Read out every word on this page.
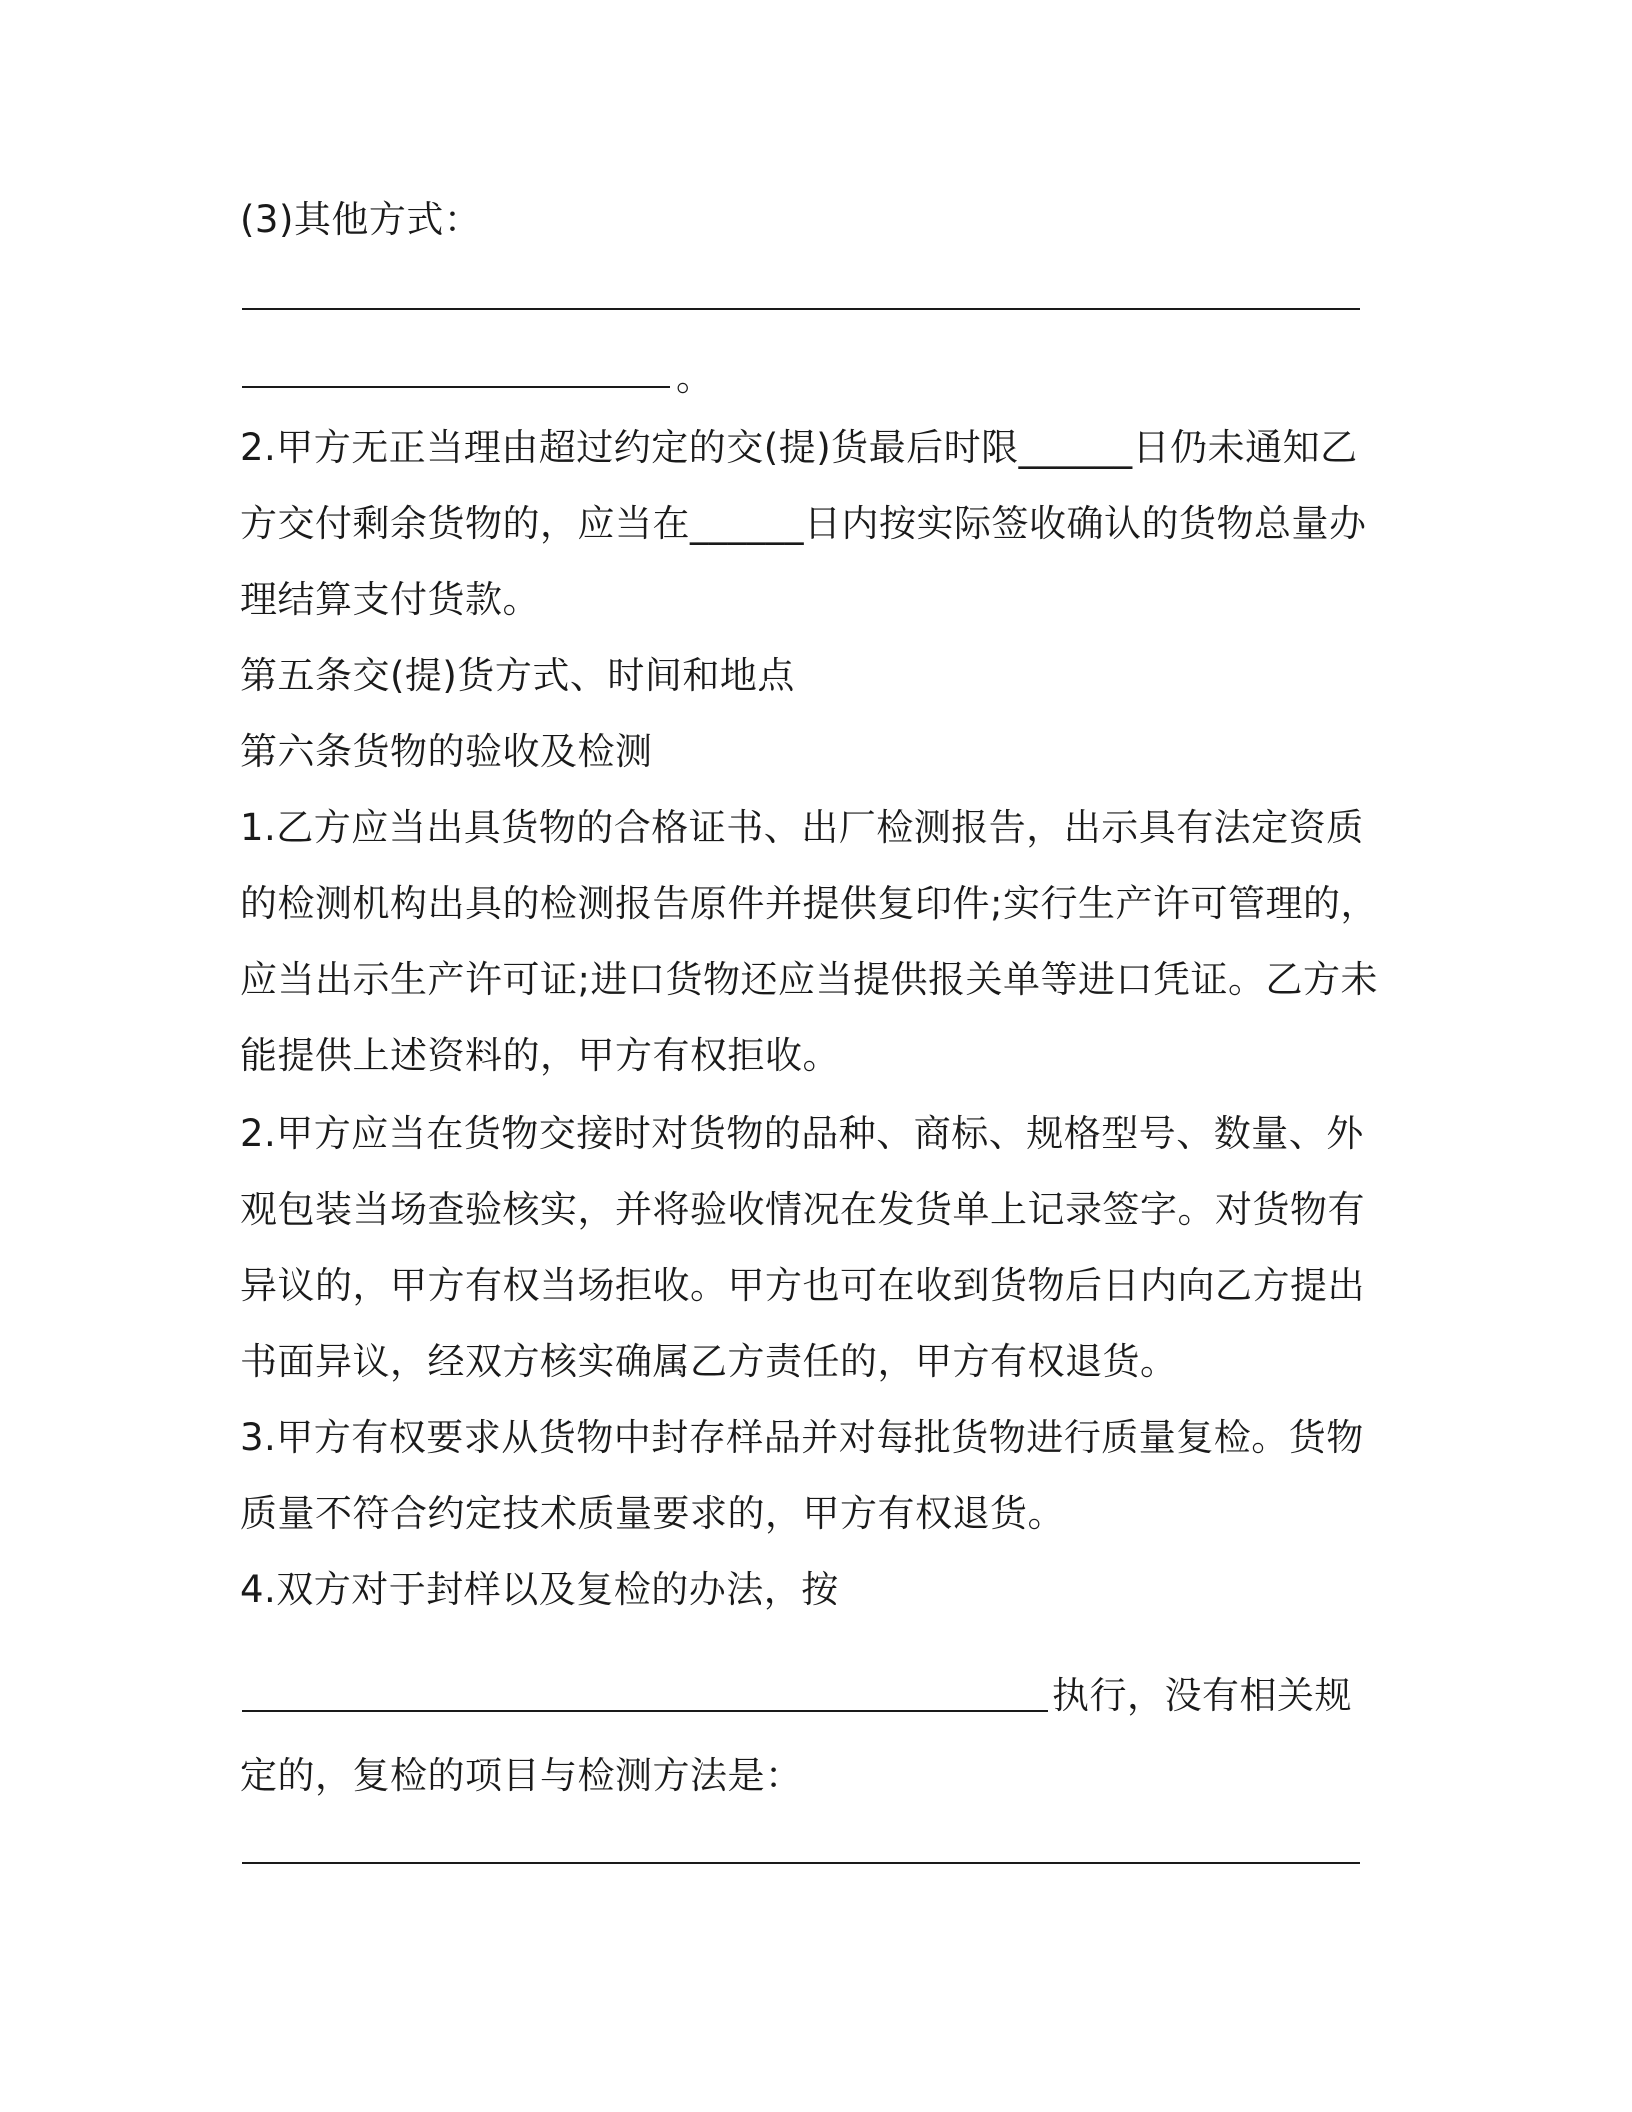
(3)其他方式：
。
2.甲方无正当理由超过约定的交(提)货最后时限______日仍未通知乙
方交付剩余货物的，应当在______日内按实际签收确认的货物总量办
理结算支付货款。
第五条交(提)货方式、时间和地点
第六条货物的验收及检测
1.乙方应当出具货物的合格证书、出厂检测报告，出示具有法定资质
的检测机构出具的检测报告原件并提供复印件;实行生产许可管理的，
应当出示生产许可证;进口货物还应当提供报关单等进口凭证。乙方未
能提供上述资料的，甲方有权拒收。
2.甲方应当在货物交接时对货物的品种、商标、规格型号、数量、外
观包装当场查验核实，并将验收情况在发货单上记录签字。对货物有
异议的，甲方有权当场拒收。甲方也可在收到货物后日内向乙方提出
书面异议，经双方核实确属乙方责任的，甲方有权退货。
3.甲方有权要求从货物中封存样品并对每批货物进行质量复检。货物
质量不符合约定技术质量要求的，甲方有权退货。
4.双方对于封样以及复检的办法，按
执行，没有相关规
定的，复检的项目与检测方法是：
